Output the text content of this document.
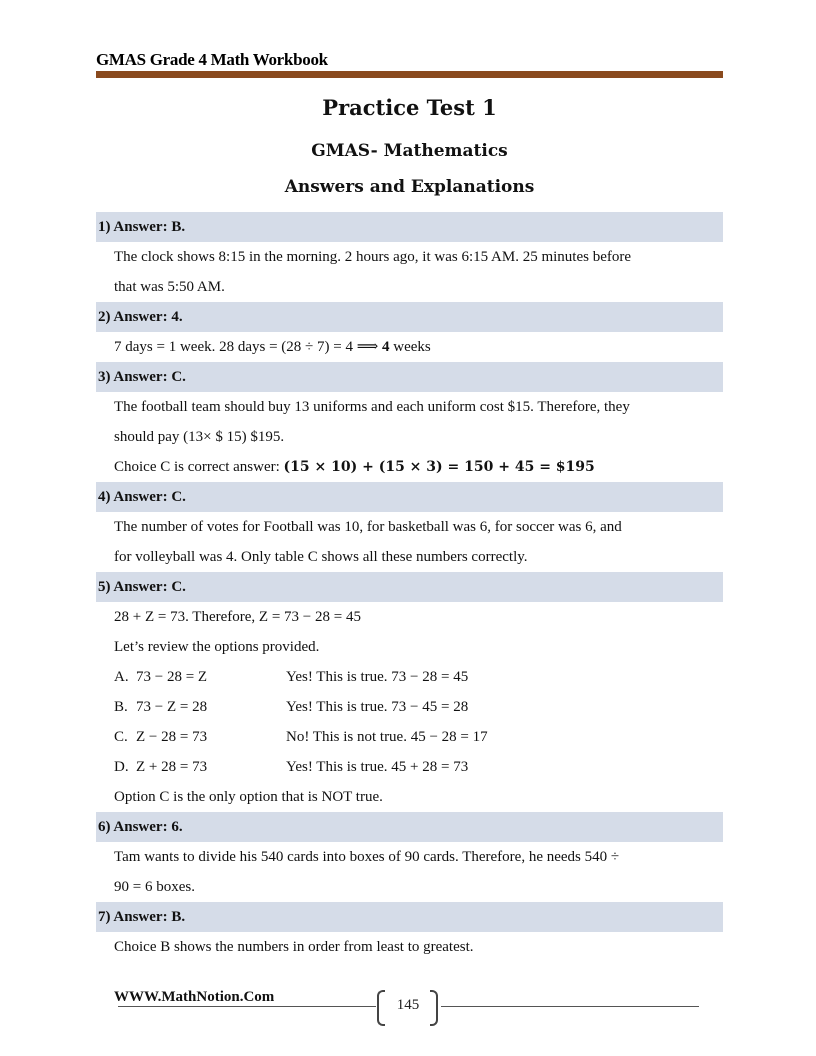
GMAS Grade 4 Math Workbook
Practice Test 1
GMAS- Mathematics
Answers and Explanations
1) Answer: B.
The clock shows 8:15 in the morning. 2 hours ago, it was 6:15 AM. 25 minutes before
that was 5:50 AM.
2) Answer: 4.
7 days = 1 week. 28 days = (28 ÷ 7) = 4 ⟹ 4 weeks
3) Answer: C.
The football team should buy 13 uniforms and each uniform cost $15. Therefore, they
should pay (13× $ 15) $195.
Choice C is correct answer: (15 × 10) + (15 × 3) = 150 + 45 = $195
4) Answer: C.
The number of votes for Football was 10, for basketball was 6, for soccer was 6, and
for volleyball was 4. Only table C shows all these numbers correctly.
5) Answer: C.
28 + Z = 73. Therefore, Z = 73 − 28 = 45
Let’s review the options provided.
A. 73 − 28 = Z	Yes! This is true. 73 − 28 = 45
B. 73 − Z = 28	Yes! This is true. 73 − 45 = 28
C. Z − 28 = 73	No! This is not true. 45 − 28 = 17
D. Z + 28 = 73	Yes! This is true. 45 + 28 = 73
Option C is the only option that is NOT true.
6) Answer: 6.
Tam wants to divide his 540 cards into boxes of 90 cards. Therefore, he needs 540 ÷
90 = 6 boxes.
7) Answer: B.
Choice B shows the numbers in order from least to greatest.
WWW.MathNotion.Com	145
